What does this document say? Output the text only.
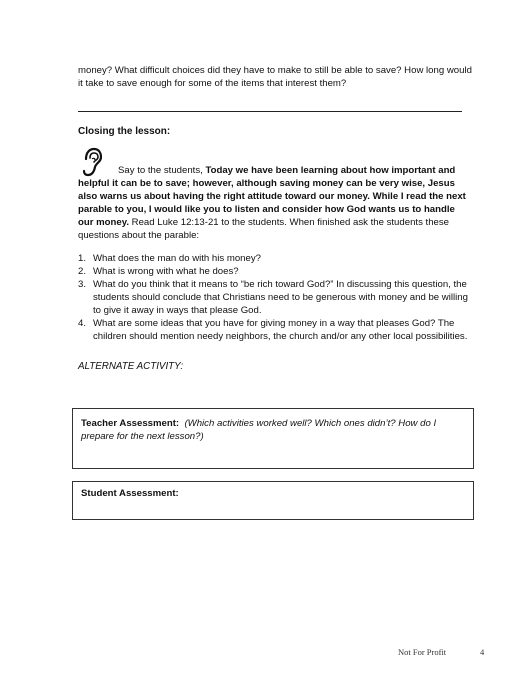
money? What difficult choices did they have to make to still be able to save? How long would it take to save enough for some of the items that interest them?

Closing the lesson:

Say to the students, Today we have been learning about how important and helpful it can be to save; however, although saving money can be very wise, Jesus also warns us about having the right attitude toward our money. While I read the next parable to you, I would like you to listen and consider how God wants us to handle our money. Read Luke 12:13-21 to the students. When finished ask the students these questions about the parable:

1. What does the man do with his money?
2. What is wrong with what he does?
3. What do you think that it means to “be rich toward God?” In discussing this question, the students should conclude that Christians need to be generous with money and be willing to give it away in ways that please God.
4. What are some ideas that you have for giving money in a way that pleases God? The children should mention needy neighbors, the church and/or any other local possibilities.

ALTERNATE ACTIVITY:

Teacher Assessment: (Which activities worked well? Which ones didn’t? How do I prepare for the next lesson?)
Student Assessment:
Not For Profit	4
